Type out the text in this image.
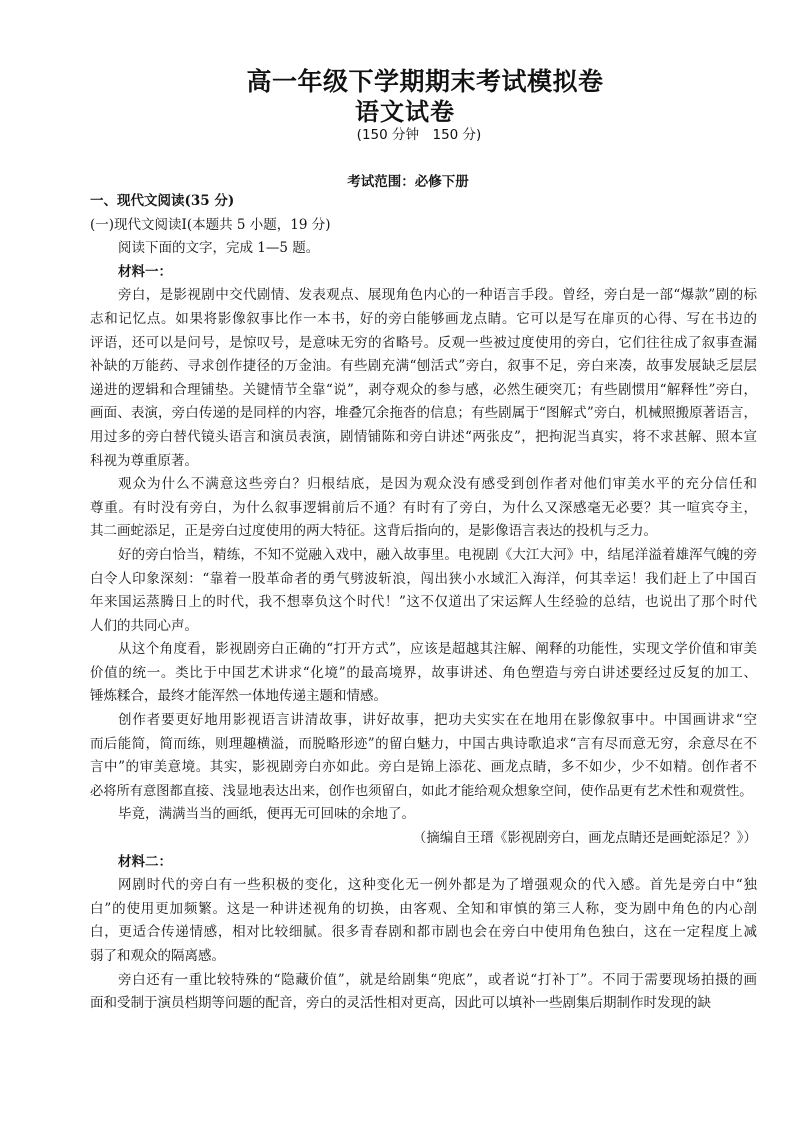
高一年级下学期期末考试模拟卷
语文试卷
(150 分钟　150 分)
考试范围：必修下册
一、现代文阅读(35 分)
(一)现代文阅读Ⅰ(本题共 5 小题，19 分)
阅读下面的文字，完成 1—5 题。
材料一：
旁白，是影视剧中交代剧情、发表观点、展现角色内心的一种语言手段。曾经，旁白是一部“爆款”剧的标
志和记忆点。如果将影像叙事比作一本书，好的旁白能够画龙点睛。它可以是写在扉页的心得、写在书边的
评语，还可以是问号，是惊叹号，是意味无穷的省略号。反观一些被过度使用的旁白，它们往往成了叙事查漏
补缺的万能药、寻求创作捷径的万金油。有些剧充满“刨活式”旁白，叙事不足，旁白来凑，故事发展缺乏层层
递进的逻辑和合理铺垫。关键情节全靠“说”，剥夺观众的参与感，必然生硬突兀；有些剧惯用“解释性”旁白，
画面、表演，旁白传递的是同样的内容，堆叠冗余拖沓的信息；有些剧属于“图解式”旁白，机械照搬原著语言，
用过多的旁白替代镜头语言和演员表演，剧情铺陈和旁白讲述“两张皮”，把拘泥当真实，将不求甚解、照本宣
科视为尊重原著。
观众为什么不满意这些旁白？归根结底，是因为观众没有感受到创作者对他们审美水平的充分信任和
尊重。有时没有旁白，为什么叙事逻辑前后不通？有时有了旁白，为什么又深感毫无必要？其一喧宾夺主，
其二画蛇添足，正是旁白过度使用的两大特征。这背后指向的，是影像语言表达的投机与乏力。
好的旁白恰当，精练，不知不觉融入戏中，融入故事里。电视剧《大江大河》中，结尾洋溢着雄浑气魄的旁
白令人印象深刻：“靠着一股革命者的勇气劈波斩浪，闯出狭小水域汇入海洋，何其幸运！我们赶上了中国百
年来国运蒸腾日上的时代，我不想辜负这个时代！”这不仅道出了宋运辉人生经验的总结，也说出了那个时代
人们的共同心声。
从这个角度看，影视剧旁白正确的“打开方式”，应该是超越其注解、阐释的功能性，实现文学价值和审美
价值的统一。类比于中国艺术讲求“化境”的最高境界，故事讲述、角色塑造与旁白讲述要经过反复的加工、
锤炼糅合，最终才能浑然一体地传递主题和情感。
创作者要更好地用影视语言讲清故事，讲好故事，把功夫实实在在地用在影像叙事中。中国画讲求“空
而后能简，简而练，则理趣横溢，而脱略形迹”的留白魅力，中国古典诗歌追求“言有尽而意无穷，余意尽在不
言中”的审美意境。其实，影视剧旁白亦如此。旁白是锦上添花、画龙点睛，多不如少，少不如精。创作者不
必将所有意图都直接、浅显地表达出来，创作也须留白，如此才能给观众想象空间，使作品更有艺术性和观赏性。
毕竟，满满当当的画纸，便再无可回味的余地了。
（摘编自王瑨《影视剧旁白，画龙点睛还是画蛇添足？》）
材料二：
网剧时代的旁白有一些积极的变化，这种变化无一例外都是为了增强观众的代入感。首先是旁白中“独
白”的使用更加频繁。这是一种讲述视角的切换，由客观、全知和审慎的第三人称，变为剧中角色的内心剖
白，更适合传递情感，相对比较细腻。很多青春剧和都市剧也会在旁白中使用角色独白，这在一定程度上减
弱了和观众的隔离感。
旁白还有一重比较特殊的“隐藏价值”，就是给剧集“兜底”，或者说“打补丁”。不同于需要现场拍摄的画
面和受制于演员档期等问题的配音，旁白的灵活性相对更高，因此可以填补一些剧集后期制作时发现的缺
